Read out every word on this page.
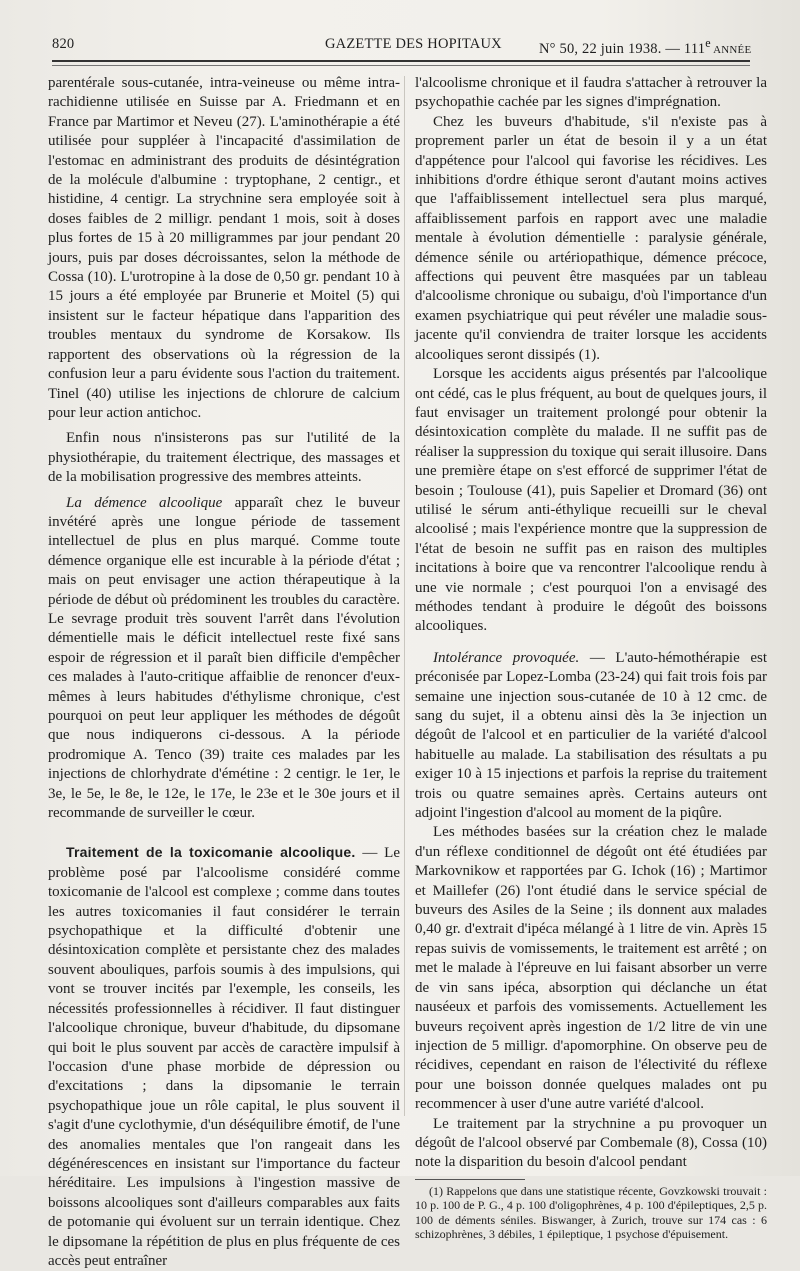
820	GAZETTE DES HOPITAUX	N° 50, 22 juin 1938. — 111e ANNÉE

parentérale sous-cutanée, intra-veineuse ou même intra-rachidienne utilisée en Suisse par A. Friedmann et en France par Martimor et Neveu (27). L'aminothérapie a été utilisée pour suppléer à l'incapacité d'assimilation de l'estomac en administrant des produits de désintégration de la molécule d'albumine : tryptophane, 2 centigr., et histidine, 4 centigr. La strychnine sera employée soit à doses faibles de 2 milligr. pendant 1 mois, soit à doses plus fortes de 15 à 20 milligrammes par jour pendant 20 jours, puis par doses décroissantes, selon la méthode de Cossa (10). L'urotropine à la dose de 0,50 gr. pendant 10 à 15 jours a été employée par Brunerie et Moitel (5) qui insistent sur le facteur hépatique dans l'apparition des troubles mentaux du syndrome de Korsakow. Ils rapportent des observations où la régression de la confusion leur a paru évidente sous l'action du traitement. Tinel (40) utilise les injections de chlorure de calcium pour leur action antichoc.

Enfin nous n'insisterons pas sur l'utilité de la physiothérapie, du traitement électrique, des massages et de la mobilisation progressive des membres atteints.

La démence alcoolique apparaît chez le buveur invétéré après une longue période de tassement intellectuel de plus en plus marqué. Comme toute démence organique elle est incurable à la période d'état ; mais on peut envisager une action thérapeutique à la période de début où prédominent les troubles du caractère. Le sevrage produit très souvent l'arrêt dans l'évolution démentielle mais le déficit intellectuel reste fixé sans espoir de régression et il paraît bien difficile d'empêcher ces malades à l'auto-critique affaiblie de renoncer d'eux-mêmes à leurs habitudes d'éthylisme chronique, c'est pourquoi on peut leur appliquer les méthodes de dégoût que nous indiquerons ci-dessous. A la période prodromique A. Tenco (39) traite ces malades par les injections de chlorhydrate d'émétine : 2 centigr. le 1er, le 3e, le 5e, le 8e, le 12e, le 17e, le 23e et le 30e jours et il recommande de surveiller le cœur.

Traitement de la toxicomanie alcoolique. — Le problème posé par l'alcoolisme considéré comme toxicomanie de l'alcool est complexe ; comme dans toutes les autres toxicomanies il faut considérer le terrain psychopathique et la difficulté d'obtenir une désintoxication complète et persistante chez des malades souvent abouliques, parfois soumis à des impulsions, qui vont se trouver incités par l'exemple, les conseils, les nécessités professionnelles à récidiver. Il faut distinguer l'alcoolique chronique, buveur d'habitude, du dipsomane qui boit le plus souvent par accès de caractère impulsif à l'occasion d'une phase morbide de dépression ou d'excitations ; dans la dipsomanie le terrain psychopathique joue un rôle capital, le plus souvent il s'agit d'une cyclothymie, d'un déséquilibre émotif, de l'une des anomalies mentales que l'on rangeait dans les dégénérescences en insistant sur l'importance du facteur héréditaire. Les impulsions à l'ingestion massive de boissons alcooliques sont d'ailleurs comparables aux faits de potomanie qui évoluent sur un terrain identique. Chez le dipsomane la répétition de plus en plus fréquente de ces accès peut entraîner

l'alcoolisme chronique et il faudra s'attacher à retrouver la psychopathie cachée par les signes d'imprégnation.

Chez les buveurs d'habitude, s'il n'existe pas à proprement parler un état de besoin il y a un état d'appétence pour l'alcool qui favorise les récidives. Les inhibitions d'ordre éthique seront d'autant moins actives que l'affaiblissement intellectuel sera plus marqué, affaiblissement parfois en rapport avec une maladie mentale à évolution démentielle : paralysie générale, démence sénile ou artériopathique, démence précoce, affections qui peuvent être masquées par un tableau d'alcoolisme chronique ou subaigu, d'où l'importance d'un examen psychiatrique qui peut révéler une maladie sous-jacente qu'il conviendra de traiter lorsque les accidents alcooliques seront dissipés (1).

Lorsque les accidents aigus présentés par l'alcoolique ont cédé, cas le plus fréquent, au bout de quelques jours, il faut envisager un traitement prolongé pour obtenir la désintoxication complète du malade. Il ne suffit pas de réaliser la suppression du toxique qui serait illusoire. Dans une première étape on s'est efforcé de supprimer l'état de besoin ; Toulouse (41), puis Sapelier et Dromard (36) ont utilisé le sérum anti-éthylique recueilli sur le cheval alcoolisé ; mais l'expérience montre que la suppression de l'état de besoin ne suffit pas en raison des multiples incitations à boire que va rencontrer l'alcoolique rendu à une vie normale ; c'est pourquoi l'on a envisagé des méthodes tendant à produire le dégoût des boissons alcooliques.

Intolérance provoquée. — L'auto-hémothérapie est préconisée par Lopez-Lomba (23-24) qui fait trois fois par semaine une injection sous-cutanée de 10 à 12 cmc. de sang du sujet, il a obtenu ainsi dès la 3e injection un dégoût de l'alcool et en particulier de la variété d'alcool habituelle au malade. La stabilisation des résultats a pu exiger 10 à 15 injections et parfois la reprise du traitement trois ou quatre semaines après. Certains auteurs ont adjoint l'ingestion d'alcool au moment de la piqûre.

Les méthodes basées sur la création chez le malade d'un réflexe conditionnel de dégoût ont été étudiées par Markovnikow et rapportées par G. Ichok (16) ; Martimor et Maillefer (26) l'ont étudié dans le service spécial de buveurs des Asiles de la Seine ; ils donnent aux malades 0,40 gr. d'extrait d'ipéca mélangé à 1 litre de vin. Après 15 repas suivis de vomissements, le traitement est arrêté ; on met le malade à l'épreuve en lui faisant absorber un verre de vin sans ipéca, absorption qui déclanche un état nauséeux et parfois des vomissements. Actuellement les buveurs reçoivent après ingestion de 1/2 litre de vin une injection de 5 milligr. d'apomorphine. On observe peu de récidives, cependant en raison de l'électivité du réflexe pour une boisson donnée quelques malades ont pu recommencer à user d'une autre variété d'alcool.

Le traitement par la strychnine a pu provoquer un dégoût de l'alcool observé par Combemale (8), Cossa (10) note la disparition du besoin d'alcool pendant

(1) Rappelons que dans une statistique récente, Govzkowski trouvait : 10 p. 100 de P. G., 4 p. 100 d'oligophrènes, 4 p. 100 d'épileptiques, 2,5 p. 100 de déments séniles. Biswanger, à Zurich, trouve sur 174 cas : 6 schizophrènes, 3 débiles, 1 épileptique, 1 psychose d'épuisement.
